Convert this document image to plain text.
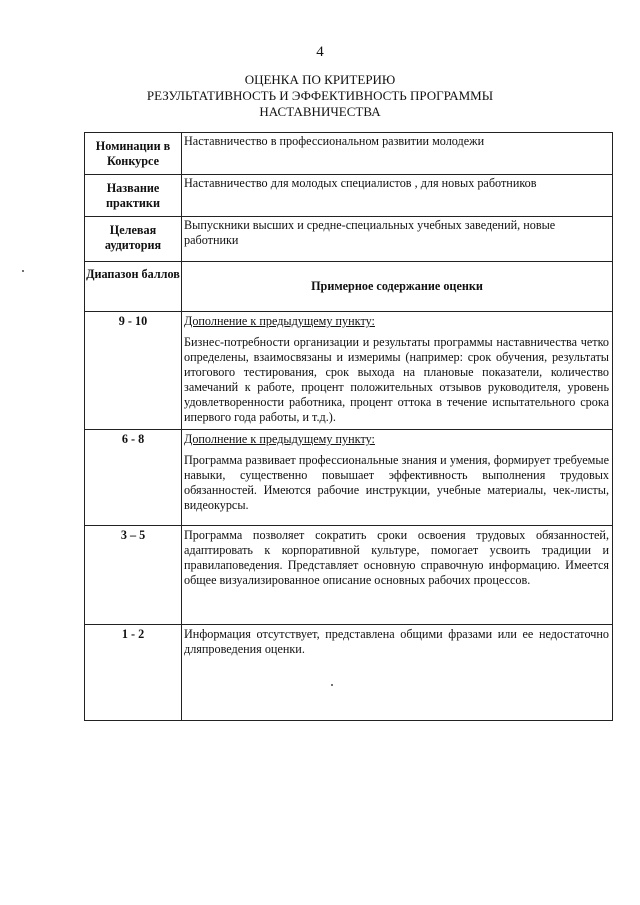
4
ОЦЕНКА ПО КРИТЕРИЮ
РЕЗУЛЬТАТИВНОСТЬ И ЭФФЕКТИВНОСТЬ ПРОГРАММЫ
НАСТАВНИЧЕСТВА
Номинации в Конкурсе	Наставничество в профессиональном развитии молодежи
Название практики	Наставничество для молодых специалистов , для новых работников
Целевая аудитория	Выпускники высших и средне-специальных учебных заведений, новые работники
Диапазон баллов	Примерное содержание оценки
9 - 10	Дополнение к предыдущему пункту:
Бизнес-потребности организации и результаты программы наставничества четко определены, взаимосвязаны и измеримы (например: срок обучения, результаты итогового тестирования, срок выхода на плановые показатели, количество замечаний к работе, процент положительных отзывов руководителя, уровень удовлетворенности работника, процент оттока в течение испытательного срока ипервого года работы, и т.д.).

6 - 8	Дополнение к предыдущему пункту:
Программа развивает профессиональные знания и умения, формирует требуемые навыки, существенно повышает эффективность выполнения трудовых обязанностей. Имеются рабочие инструкции, учебные материалы, чек-листы, видеокурсы.

3 – 5	Программа позволяет сократить сроки освоения трудовых обязанностей, адаптировать к корпоративной культуре, помогает усвоить традиции и правилаповедения. Представляет основную справочную информацию. Имеется общее визуализированное описание основных рабочих процессов.

1 - 2	Информация отсутствует, представлена общими фразами или ее недостаточно дляпроведения оценки.
